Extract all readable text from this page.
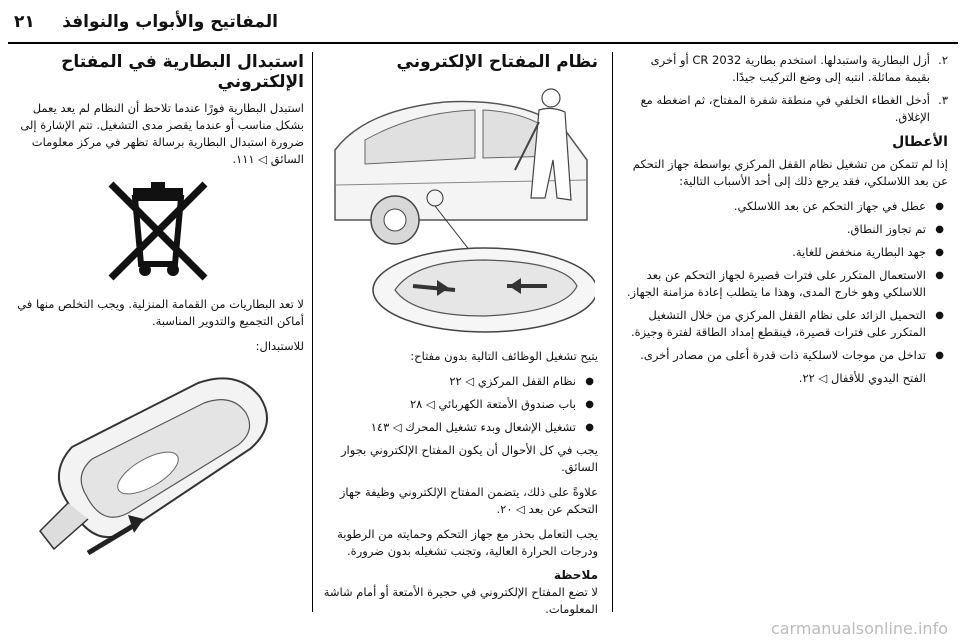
المفاتيح والأبواب والنوافذ
٢١
٢.
أزل البطارية واستبدلها. استخدم بطارية CR 2032 أو أخرى بقيمة مماثلة. انتبه إلى وضع التركيب جيدًا.
٣.
أدخل الغطاء الخلفي في منطقة شفرة المفتاح، ثم اضغطه مع الإغلاق.
الأعطال

إذا لم تتمكن من تشغيل نظام القفل المركزي بواسطة جهاز التحكم عن بعد اللاسلكي، فقد يرجع ذلك إلى أحد الأسباب التالية:

● عطل في جهاز التحكم عن بعد اللاسلكي.
● تم تجاوز النطاق.
● جهد البطارية منخفض للغاية.
● الاستعمال المتكرر على فترات قصيرة لجهاز التحكم عن بعد اللاسلكي وهو خارج المدى، وهذا ما يتطلب إعادة مزامنة الجهاز.
● التحميل الزائد على نظام القفل المركزي من خلال التشغيل المتكرر على فترات قصيرة، فينقطع إمداد الطاقة لفترة وجيزة.
● تداخل من موجات لاسلكية ذات قدرة أعلى من مصادر أخرى.

الفتح اليدوي للأقفال ◁ ٢٢.

نظام المفتاح الإلكتروني

يتيح تشغيل الوظائف التالية بدون مفتاح:

● نظام القفل المركزي ◁ ٢٢
● باب صندوق الأمتعة الكهربائي ◁ ٢٨
● تشغيل الإشعال وبدء تشغيل المحرك ◁ ١٤٣

يجب في كل الأحوال أن يكون المفتاح الإلكتروني بجوار السائق.

علاوةً على ذلك، يتضمن المفتاح الإلكتروني وظيفة جهاز التحكم عن بعد ◁ ٢٠.

يجب التعامل بحذر مع جهاز التحكم وحمايته من الرطوبة ودرجات الحرارة العالية، وتجنب تشغيله بدون ضرورة.

ملاحظة

لا تضع المفتاح الإلكتروني في حجيرة الأمتعة أو أمام شاشة المعلومات.

استبدال البطارية في المفتاح الإلكتروني

استبدل البطارية فورًا عندما تلاحظ أن النظام لم يعد يعمل بشكل مناسب أو عندما يقصر مدى التشغيل. تتم الإشارة إلى ضرورة استبدال البطارية برسالة تظهر في مركز معلومات السائق ◁ ١١١.

لا تعد البطاريات من القمامة المنزلية. ويجب التخلص منها في أماكن التجميع والتدوير المناسبة.

للاستبدال:

carmanualsonline.info
